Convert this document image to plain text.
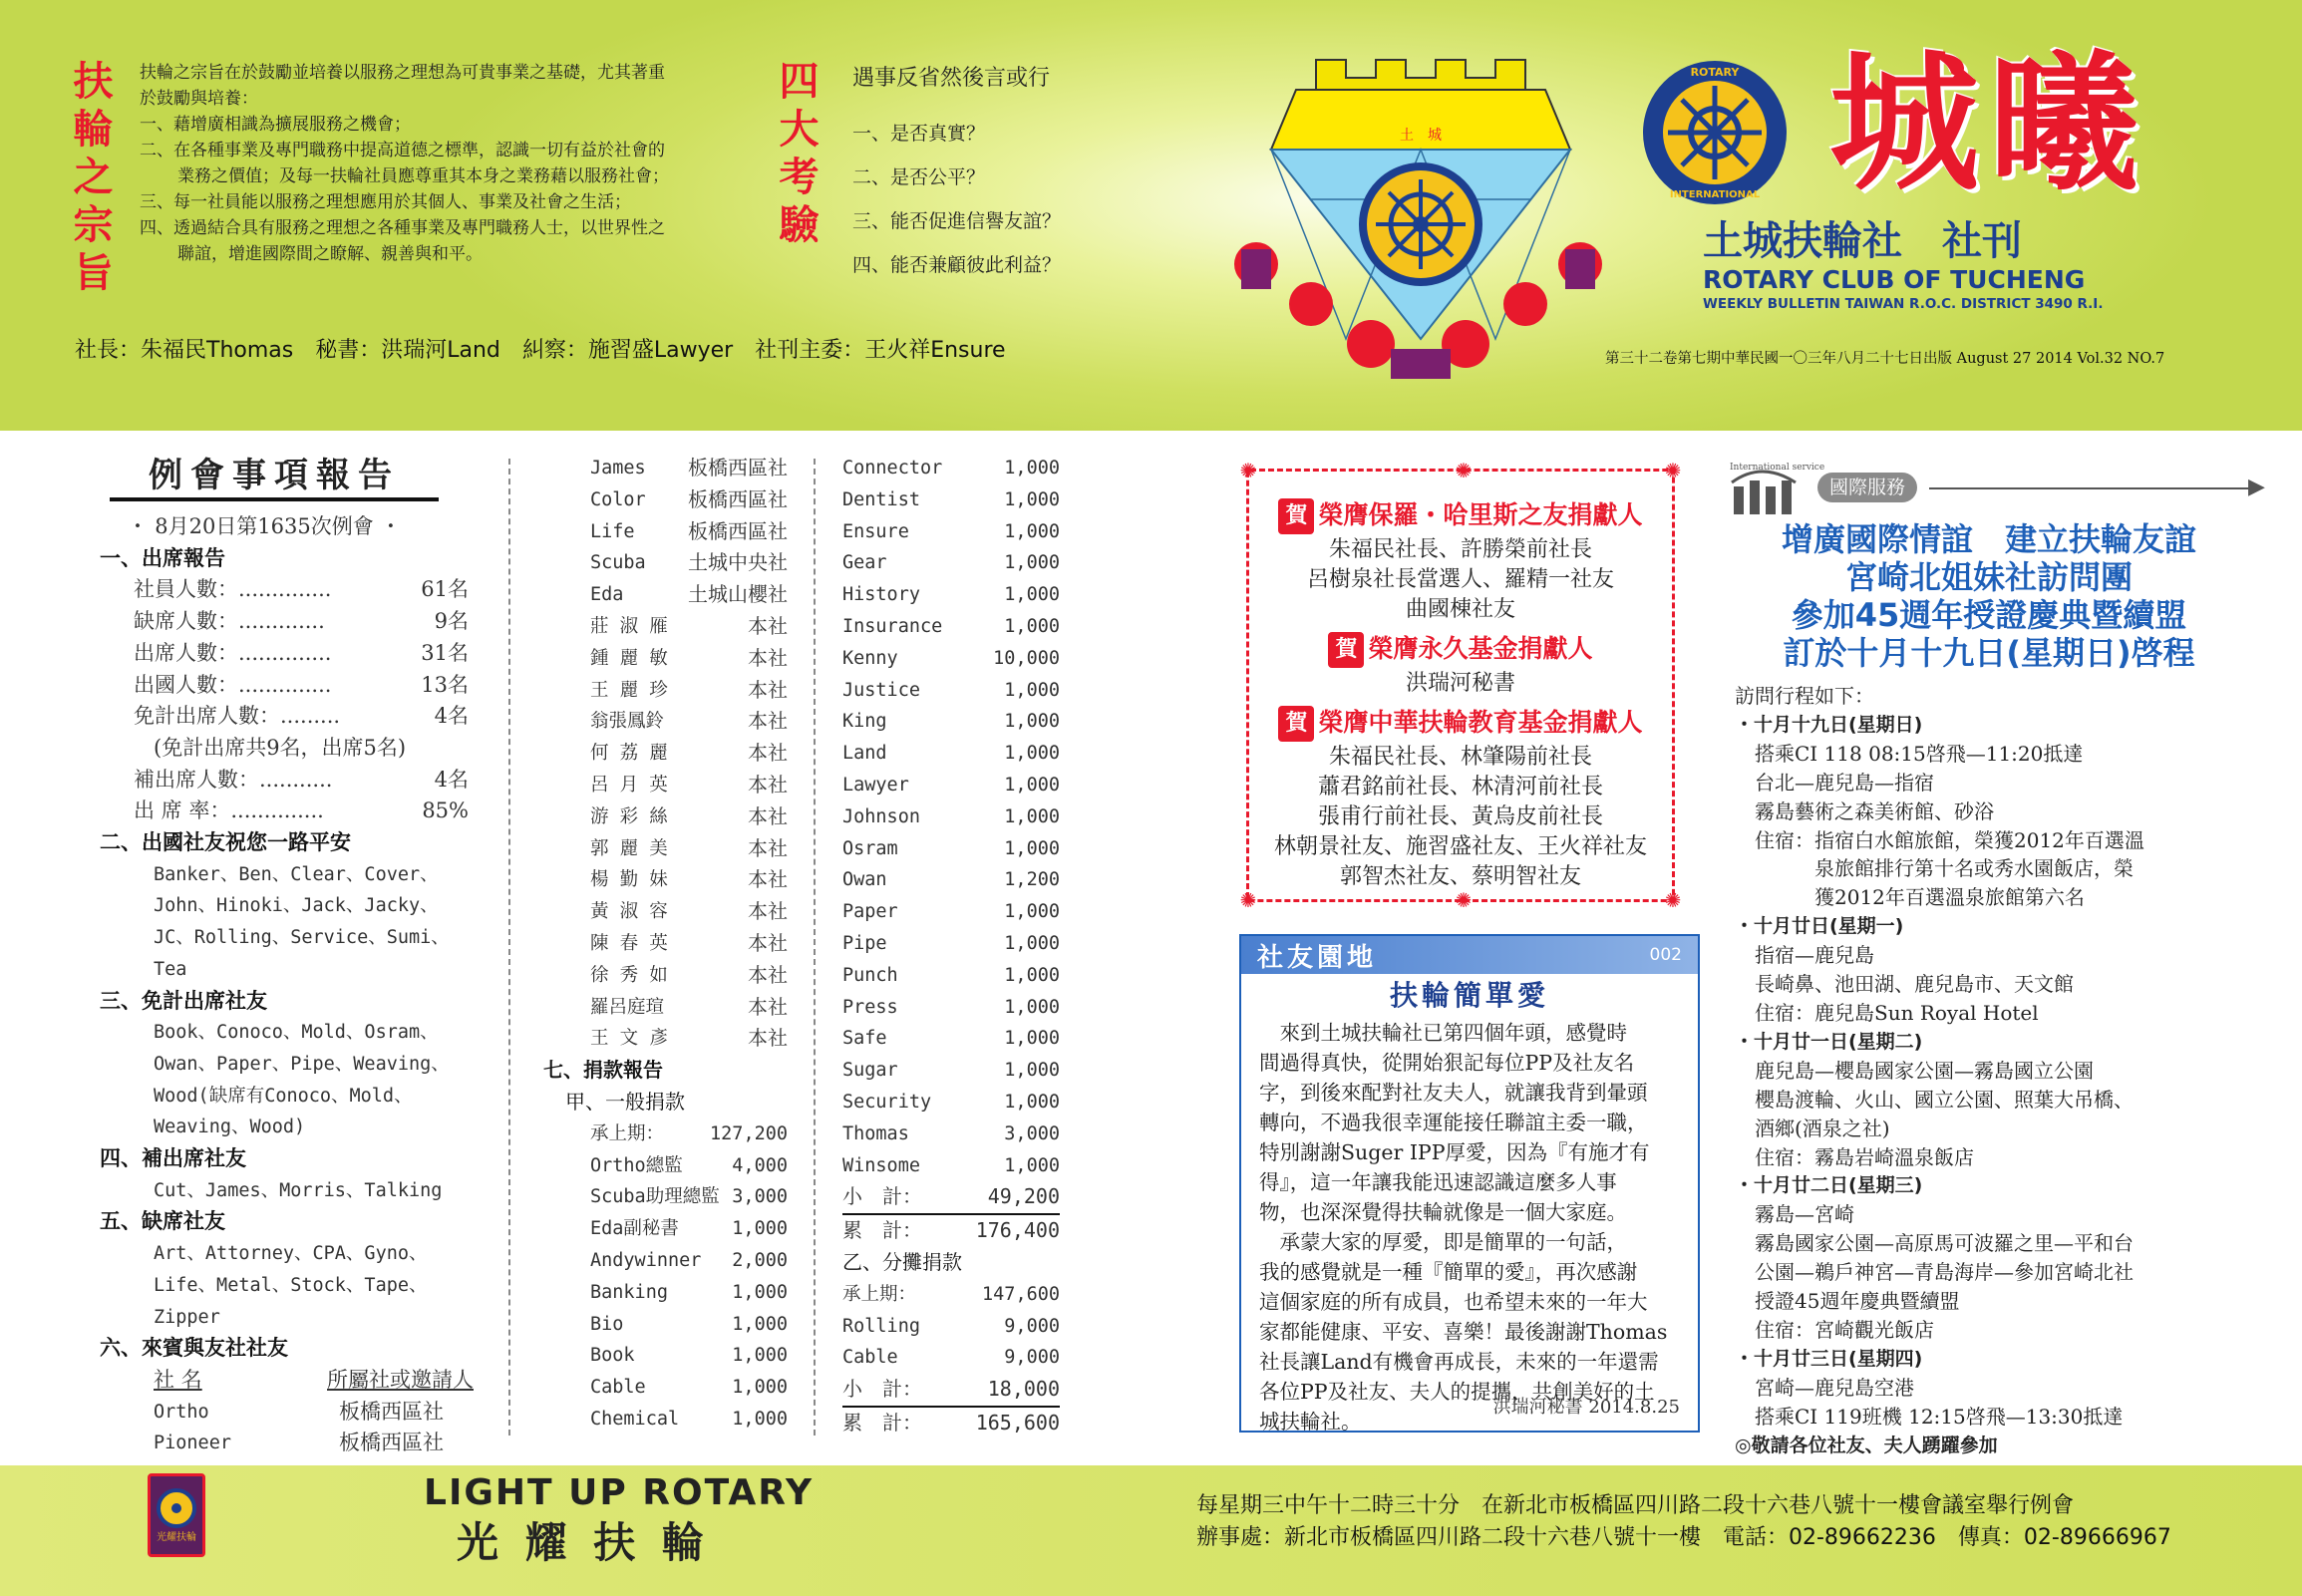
扶輪之宗旨	扶輪之宗旨在於鼓勵並培養以服務之理想為可貴事業之基礎，尤其著重
於鼓勵與培養：
一、藉增廣相識為擴展服務之機會；
二、在各種事業及專門職務中提高道德之標準，認識一切有益於社會的
業務之價值；及每一扶輪社員應尊重其本身之業務藉以服務社會；
三、每一社員能以服務之理想應用於其個人、事業及社會之生活；
四、透過結合具有服務之理想之各種事業及專門職務人士，以世界性之
聯誼，增進國際間之瞭解、親善與和平。
四大考驗 遇事反省然後言或行
一、是否真實？
二、是否公平？
三、能否促進信譽友誼？
四、能否兼顧彼此利益？
土　城
ROTARY
INTERNATIONAL 城曦
土城扶輪社　社刊
ROTARY CLUB OF TUCHENG
WEEKLY BULLETIN TAIWAN R.O.C. DISTRICT 3490 R.I.
社長：朱福民Thomas　秘書：洪瑞河Land　糾察：施習盛Lawyer　社刊主委：王火祥Ensure	第三十二卷第七期中華民國一〇三年八月二十七日出版 August 27 2014 Vol.32 NO.7
例會事項報告
・ 8月20日第1635次例會 ・
一、出席報告
社員人數：..............	61名
缺席人數：.............	9名
出席人數：..............	31名
出國人數：..............	13名
免計出席人數：.........	4名
(免計出席共9名，出席5名)
補出席人數：...........	4名
出 席 率：..............	85%
二、出國社友祝您一路平安
Banker、Ben、Clear、Cover、
John、Hinoki、Jack、Jacky、
JC、Rolling、Service、Sumi、
Tea
三、免計出席社友
Book、Conoco、Mold、Osram、
Owan、Paper、Pipe、Weaving、
Wood(缺席有Conoco、Mold、
Weaving、Wood)
四、補出席社友
Cut、James、Morris、Talking
五、缺席社友
Art、Attorney、CPA、Gyno、
Life、Metal、Stock、Tape、
Zipper
六、來賓與友社社友
社 名	所屬社或邀請人
Ortho	板橋西區社
Pioneer	板橋西區社
James 板橋西區社
Color 板橋西區社
Life	板橋西區社
Scuba 土城中央社
Eda	土城山櫻社
莊 淑 雁	本社
鍾 麗 敏	本社
王 麗 珍	本社
翁張鳳鈴	本社
何 荔 麗	本社
呂 月 英	本社
游 彩 絲	本社
郭 麗 美	本社
楊 勤 妹	本社
黃 淑 容	本社
陳 春 英	本社
徐 秀 如	本社
羅呂庭瑄	本社
王 文 彥	本社
七、捐款報告
甲、一般捐款
承上期： 127,200
Ortho總監	4,000
Scuba助理總監 3,000
Eda副秘書	1,000
Andywinner 2,000
Banking	1,000
Bio	1,000
Book	1,000
Cable	1,000
Chemical	1,000
Connector	1,000
Dentist	1,000
Ensure	1,000
Gear	1,000
History	1,000
Insurance	1,000
Kenny	10,000
Justice	1,000
King	1,000
Land	1,000
Lawyer	1,000
Johnson	1,000
Osram	1,000
Owan	1,200
Paper	1,000
Pipe	1,000
Punch	1,000
Press	1,000
Safe	1,000
Sugar	1,000
Security	1,000
Thomas	3,000
Winsome	1,000
小　計：	49,200
累　計：	176,400
乙、分攤捐款
承上期：	147,600
Rolling	9,000
Cable	9,000
小　計：	18,000
累　計：	165,600
✺	✺
✺	✺
✺
✺
賀 榮膺保羅・哈里斯之友捐獻人
朱福民社長、許勝榮前社長
呂樹泉社長當選人、羅精一社友
曲國棟社友
賀 榮膺永久基金捐獻人
洪瑞河秘書
賀 榮膺中華扶輪教育基金捐獻人
朱福民社長、林肇陽前社長
蕭君銘前社長、林清河前社長
張甫行前社長、黃烏皮前社長
林朝景社友、施習盛社友、王火祥社友
郭智杰社友、蔡明智社友
社友園地	002
扶輪簡單愛
　來到土城扶輪社已第四個年頭，感覺時
間過得真快，從開始狠記每位PP及社友名
字，到後來配對社友夫人，就讓我背到暈頭
轉向，不過我很幸運能接任聯誼主委一職，
特別謝謝Suger IPP厚愛，因為『有施才有
得』，這一年讓我能迅速認識這麼多人事
物，也深深覺得扶輪就像是一個大家庭。
　承蒙大家的厚愛，即是簡單的一句話，
我的感覺就是一種『簡單的愛』，再次感謝
這個家庭的所有成員，也希望未來的一年大
家都能健康、平安、喜樂！最後謝謝Thomas
社長讓Land有機會再成長，未來的一年還需
各位PP及社友、夫人的提攜，共創美好的土
城扶輪社。
洪瑞河秘書 2014.8.25
International service
國際服務	▶
增廣國際情誼　建立扶輪友誼
宮崎北姐妹社訪問團
參加45週年授證慶典暨續盟
訂於十月十九日(星期日)啓程
訪問行程如下：
・十月十九日(星期日)
　搭乘CI 118 08:15啓飛—11:20抵達
　台北—鹿兒島—指宿
　霧島藝術之森美術館、砂浴
　住宿：指宿白水館旅館，榮獲2012年百選溫
　　　　泉旅館排行第十名或秀水園飯店，榮
　　　　獲2012年百選溫泉旅館第六名
・十月廿日(星期一)
　指宿—鹿兒島
　長崎鼻、池田湖、鹿兒島市、天文館
　住宿：鹿兒島Sun Royal Hotel
・十月廿一日(星期二)
　鹿兒島—櫻島國家公園—霧島國立公園
　櫻島渡輪、火山、國立公園、照葉大吊橋、
　酒鄉(酒泉之社)
　住宿：霧島岩崎溫泉飯店
・十月廿二日(星期三)
　霧島—宮崎
　霧島國家公園—高原馬可波羅之里—平和台
　公園—鵜戶神宮—青島海岸—參加宮崎北社
　授證45週年慶典暨續盟
　住宿：宮崎觀光飯店
・十月廿三日(星期四)
　宮崎—鹿兒島空港
　搭乘CI 119班機 12:15啓飛—13:30抵達
◎敬請各位社友、夫人踴躍參加
光耀扶輪
LIGHT UP ROTARY
光 耀 扶 輪
每星期三中午十二時三十分　在新北市板橋區四川路二段十六巷八號十一樓會議室舉行例會
辦事處：新北市板橋區四川路二段十六巷八號十一樓　電話：02-89662236　傳真：02-89666967
